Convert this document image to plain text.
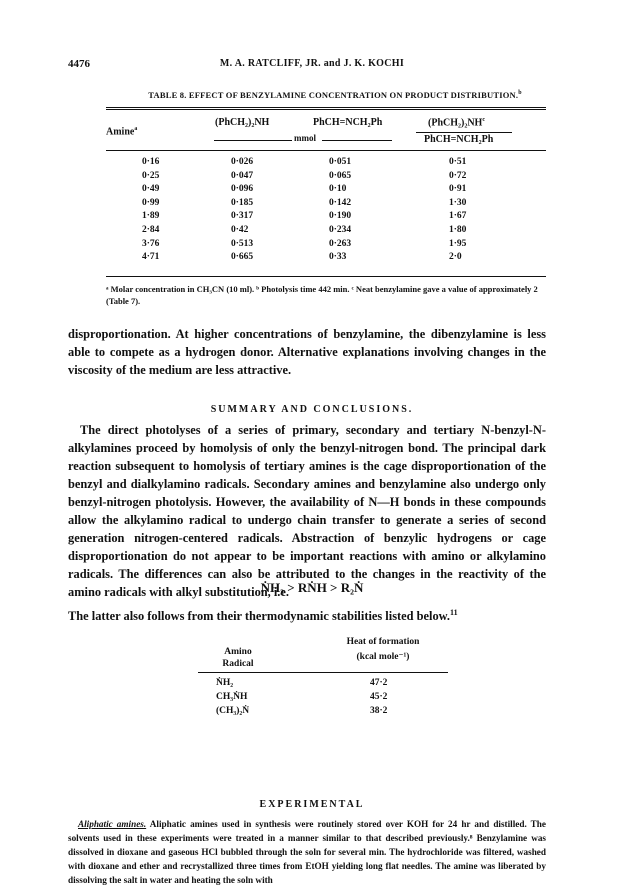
4476	M. A. RATCLIFF, JR. and J. K. KOCHI
TABLE 8. EFFECT OF BENZYLAMINE CONCENTRATION ON PRODUCT DISTRIBUTION.$^b$
Amine$^a$
(PhCH₂)₂NH	PhCH=NCH₂Ph	$(PhCH_2)_2NH^c$
PhCH=NCH₂Ph
mmol
0·16	0·026	0·051	0·51
0·25	0·047	0·065	0·72
0·49	0·096	0·10	0·91
0·99	0·185	0·142	1·30
1·89	0·317	0·190	1·67
2·84	0·42	0·234	1·80
3·76	0·513	0·263	1·95
4·71	0·665	0·33	2·0
ᵃ Molar concentration in CH₃CN (10 ml). ᵇ Photolysis time 442 min. ᶜ Neat benzylamine gave a value of approximately 2 (Table 7).
disproportionation. At higher concentrations of benzylamine, the dibenzylamine is less able to compete as a hydrogen donor. Alternative explanations involving changes in the viscosity of the medium are less attractive.
SUMMARY AND CONCLUSIONS.
The direct photolyses of a series of primary, secondary and tertiary N-benzyl-N-alkylamines proceed by homolysis of only the benzyl-nitrogen bond. The principal dark reaction subsequent to homolysis of tertiary amines is the cage disproportionation of the benzyl and dialkylamino radicals. Secondary amines and benzylamine also undergo only benzyl-nitrogen photolysis. However, the availability of N—H bonds in these compounds allow the alkylamino radical to undergo chain transfer to generate a series of second generation nitrogen-centered radicals. Abstraction of benzylic hydrogens or cage disproportionation do not appear to be important reactions with amino or alkylamino radicals. The differences can also be attributed to the changes in the reactivity of the amino radicals with alkyl substitution, i.e.
ṄH₂ > RṄH > R₂Ṅ
The latter also follows from their thermodynamic stabilities listed below.$^{11}$
Amino
Radical
Heat of formation
(kcal mole⁻¹)
ṄH₂	47·2
CH₃ṄH	45·2
(CH₃)₂Ṅ	38·2
EXPERIMENTAL
Aliphatic amines. Aliphatic amines used in synthesis were routinely stored over KOH for 24 hr and distilled. The solvents used in these experiments were treated in a manner similar to that described previously.⁸ Benzylamine was dissolved in dioxane and gaseous HCl bubbled through the soln for several min. The hydrochloride was filtered, washed with dioxane and ether and recrystallized three times from EtOH yielding long flat needles. The amine was liberated by dissolving the salt in water and heating the soln with
